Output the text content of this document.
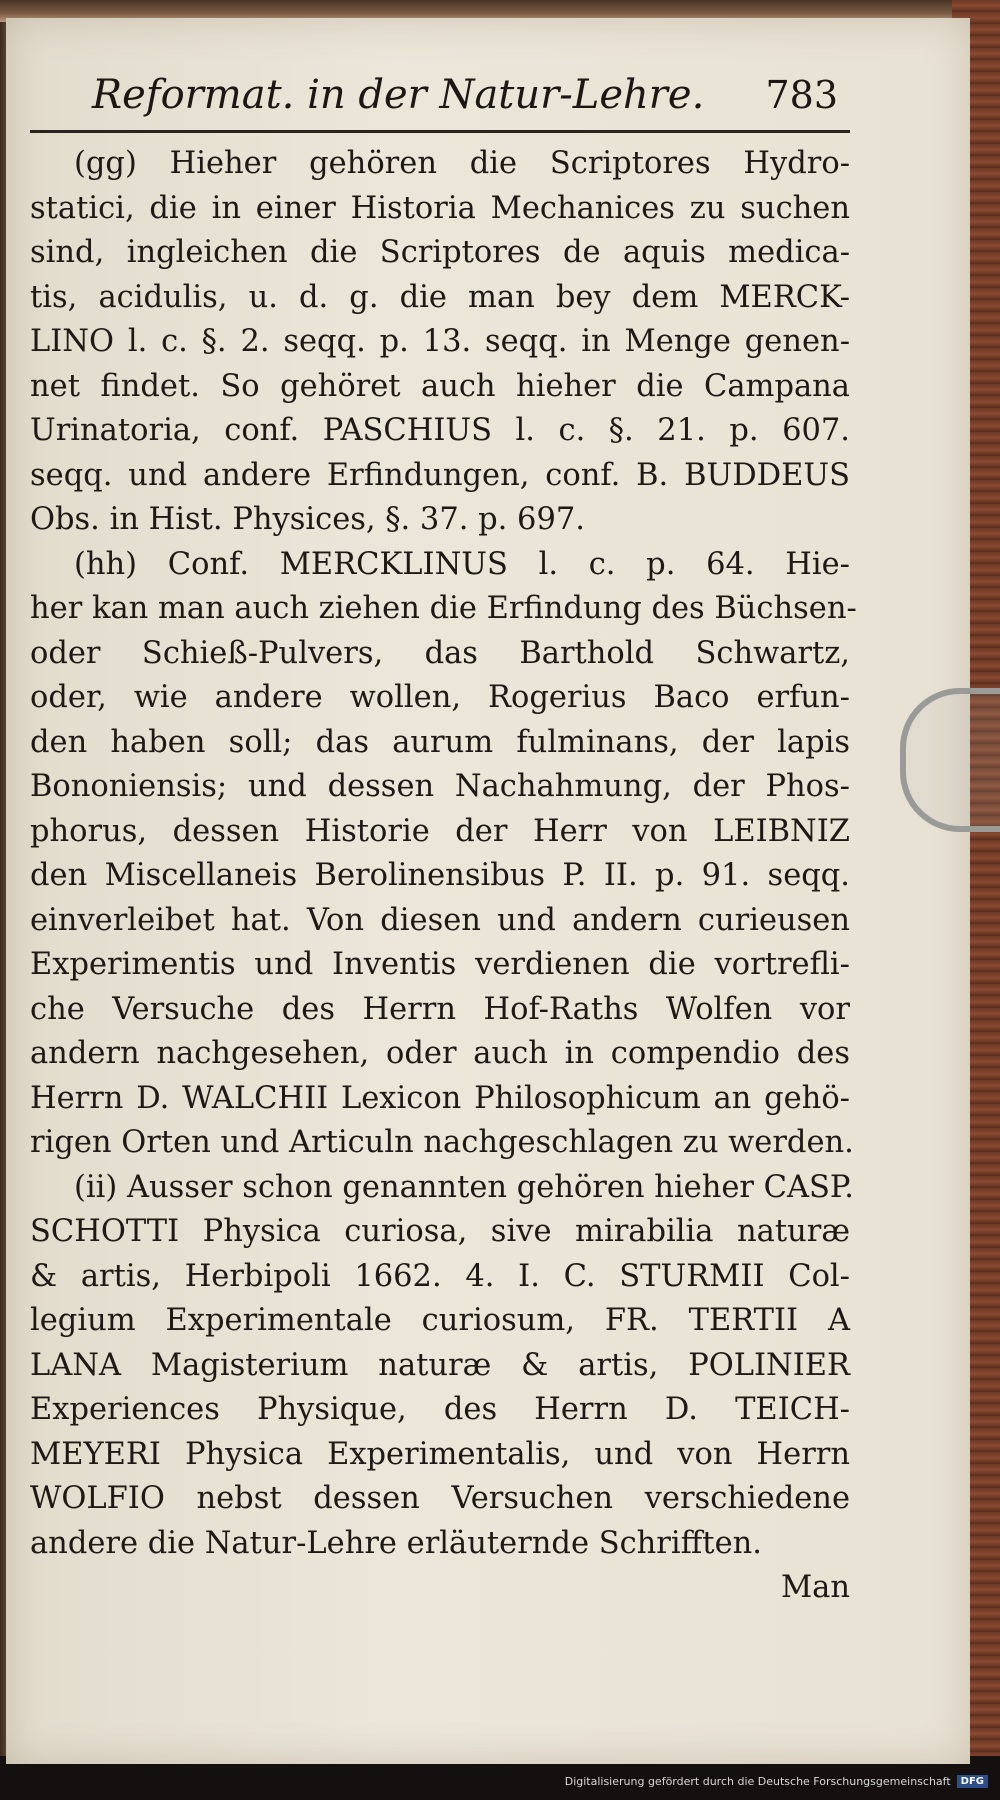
Reformat. in der Natur-Lehre. 783
(gg) Hieher gehören die Scriptores Hydro-
statici, die in einer Historia Mechanices zu suchen
sind, ingleichen die Scriptores de aquis medica-
tis, acidulis, u. d. g. die man bey dem MERCK-
LINO l. c. §. 2. seqq. p. 13. seqq. in Menge genen-
net findet. So gehöret auch hieher die Campana
Urinatoria, conf. PASCHIUS l. c. §. 21. p. 607.
seqq. und andere Erfindungen, conf. B. BUDDEUS
Obs. in Hist. Physices, §. 37. p. 697.
(hh) Conf. MERCKLINUS l. c. p. 64. Hie-
her kan man auch ziehen die Erfindung des Büchsen-
oder Schieß-Pulvers, das Barthold Schwartz,
oder, wie andere wollen, Rogerius Baco erfun-
den haben soll; das aurum fulminans, der lapis
Bononiensis; und dessen Nachahmung, der Phos-
phorus, dessen Historie der Herr von LEIBNIZ
den Miscellaneis Berolinensibus P. II. p. 91. seqq.
einverleibet hat. Von diesen und andern curieusen
Experimentis und Inventis verdienen die vortrefli-
che Versuche des Herrn Hof-Raths Wolfen vor
andern nachgesehen, oder auch in compendio des
Herrn D. WALCHII Lexicon Philosophicum an gehö-
rigen Orten und Articuln nachgeschlagen zu werden.
(ii) Ausser schon genannten gehören hieher CASP.
SCHOTTI Physica curiosa, sive mirabilia naturæ
& artis, Herbipoli 1662. 4. I. C. STURMII Col-
legium Experimentale curiosum, FR. TERTII A
LANA Magisterium naturæ & artis, POLINIER
Experiences Physique, des Herrn D. TEICH-
MEYERI Physica Experimentalis, und von Herrn
WOLFIO nebst dessen Versuchen verschiedene
andere die Natur-Lehre erläuternde Schrifften.
Man
Digitalisierung gefördert durch die Deutsche Forschungsgemeinschaft	DFG
